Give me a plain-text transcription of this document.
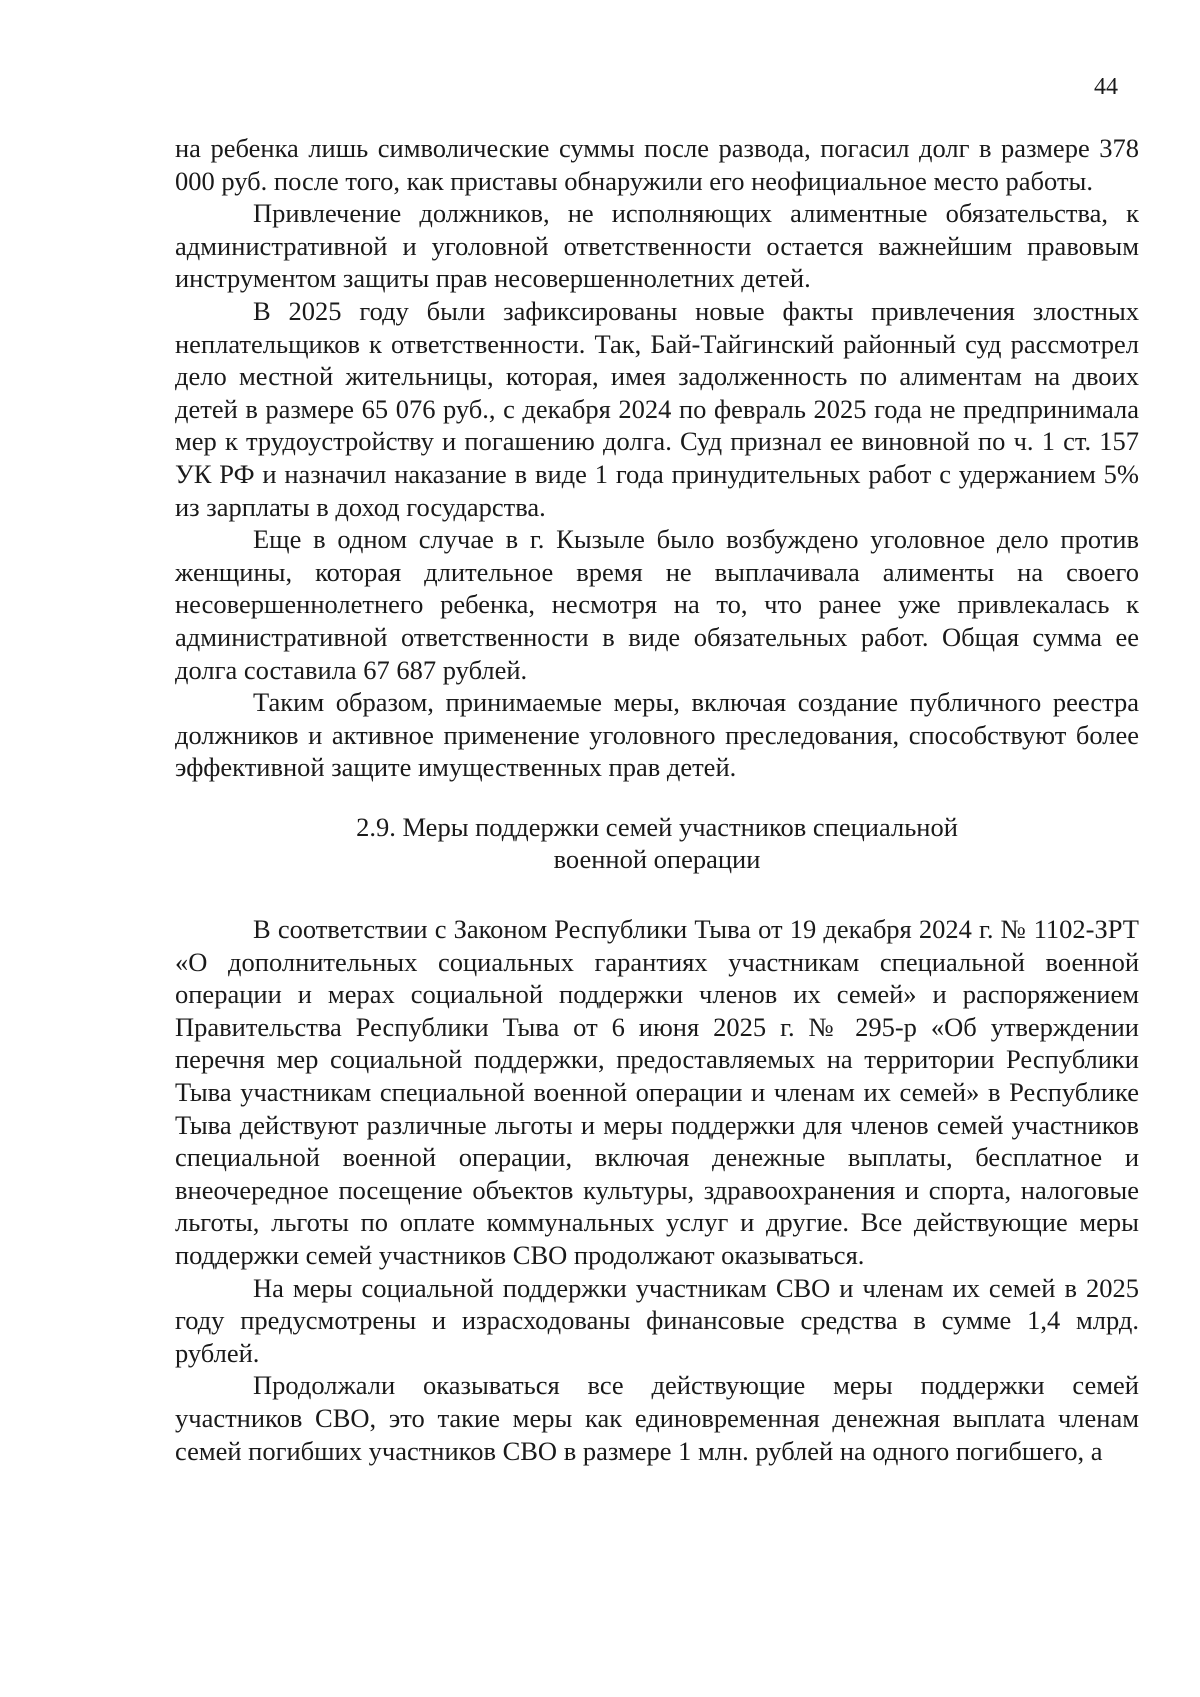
44

на ребенка лишь символические суммы после развода, погасил долг в размере 378 000 руб. после того, как приставы обнаружили его неофициальное место работы.

Привлечение должников, не исполняющих алиментные обязательства, к административной и уголовной ответственности остается важнейшим правовым инструментом защиты прав несовершеннолетних детей.

В 2025 году были зафиксированы новые факты привлечения злостных неплательщиков к ответственности. Так, Бай-Тайгинский районный суд рассмотрел дело местной жительницы, которая, имея задолженность по алиментам на двоих детей в размере 65 076 руб., с декабря 2024 по февраль 2025 года не предпринимала мер к трудоустройству и погашению долга. Суд признал ее виновной по ч. 1 ст. 157 УК РФ и назначил наказание в виде 1 года принудительных работ с удержанием 5% из зарплаты в доход государства.

Еще в одном случае в г. Кызыле было возбуждено уголовное дело против женщины, которая длительное время не выплачивала алименты на своего несовершеннолетнего ребенка, несмотря на то, что ранее уже привлекалась к административной ответственности в виде обязательных работ. Общая сумма ее долга составила 67 687 рублей.

Таким образом, принимаемые меры, включая создание публичного реестра должников и активное применение уголовного преследования, способствуют более эффективной защите имущественных прав детей.

2.9. Меры поддержки семей участников специальной
военной операции

В соответствии с Законом Республики Тыва от 19 декабря 2024 г. № 1102-ЗРТ «О дополнительных социальных гарантиях участникам специальной военной операции и мерах социальной поддержки членов их семей» и распоряжением Правительства Республики Тыва от 6 июня 2025 г. № 295-р «Об утверждении перечня мер социальной поддержки, предоставляемых на территории Республики Тыва участникам специальной военной операции и членам их семей» в Республике Тыва действуют различные льготы и меры поддержки для членов семей участников специальной военной операции, включая денежные выплаты, бесплатное и внеочередное посещение объектов культуры, здравоохранения и спорта, налоговые льготы, льготы по оплате коммунальных услуг и другие. Все действующие меры поддержки семей участников СВО продолжают оказываться.

На меры социальной поддержки участникам СВО и членам их семей в 2025 году предусмотрены и израсходованы финансовые средства в сумме 1,4 млрд. рублей.

Продолжали оказываться все действующие меры поддержки семей участников СВО, это такие меры как единовременная денежная выплата членам семей погибших участников СВО в размере 1 млн. рублей на одного погибшего, а
